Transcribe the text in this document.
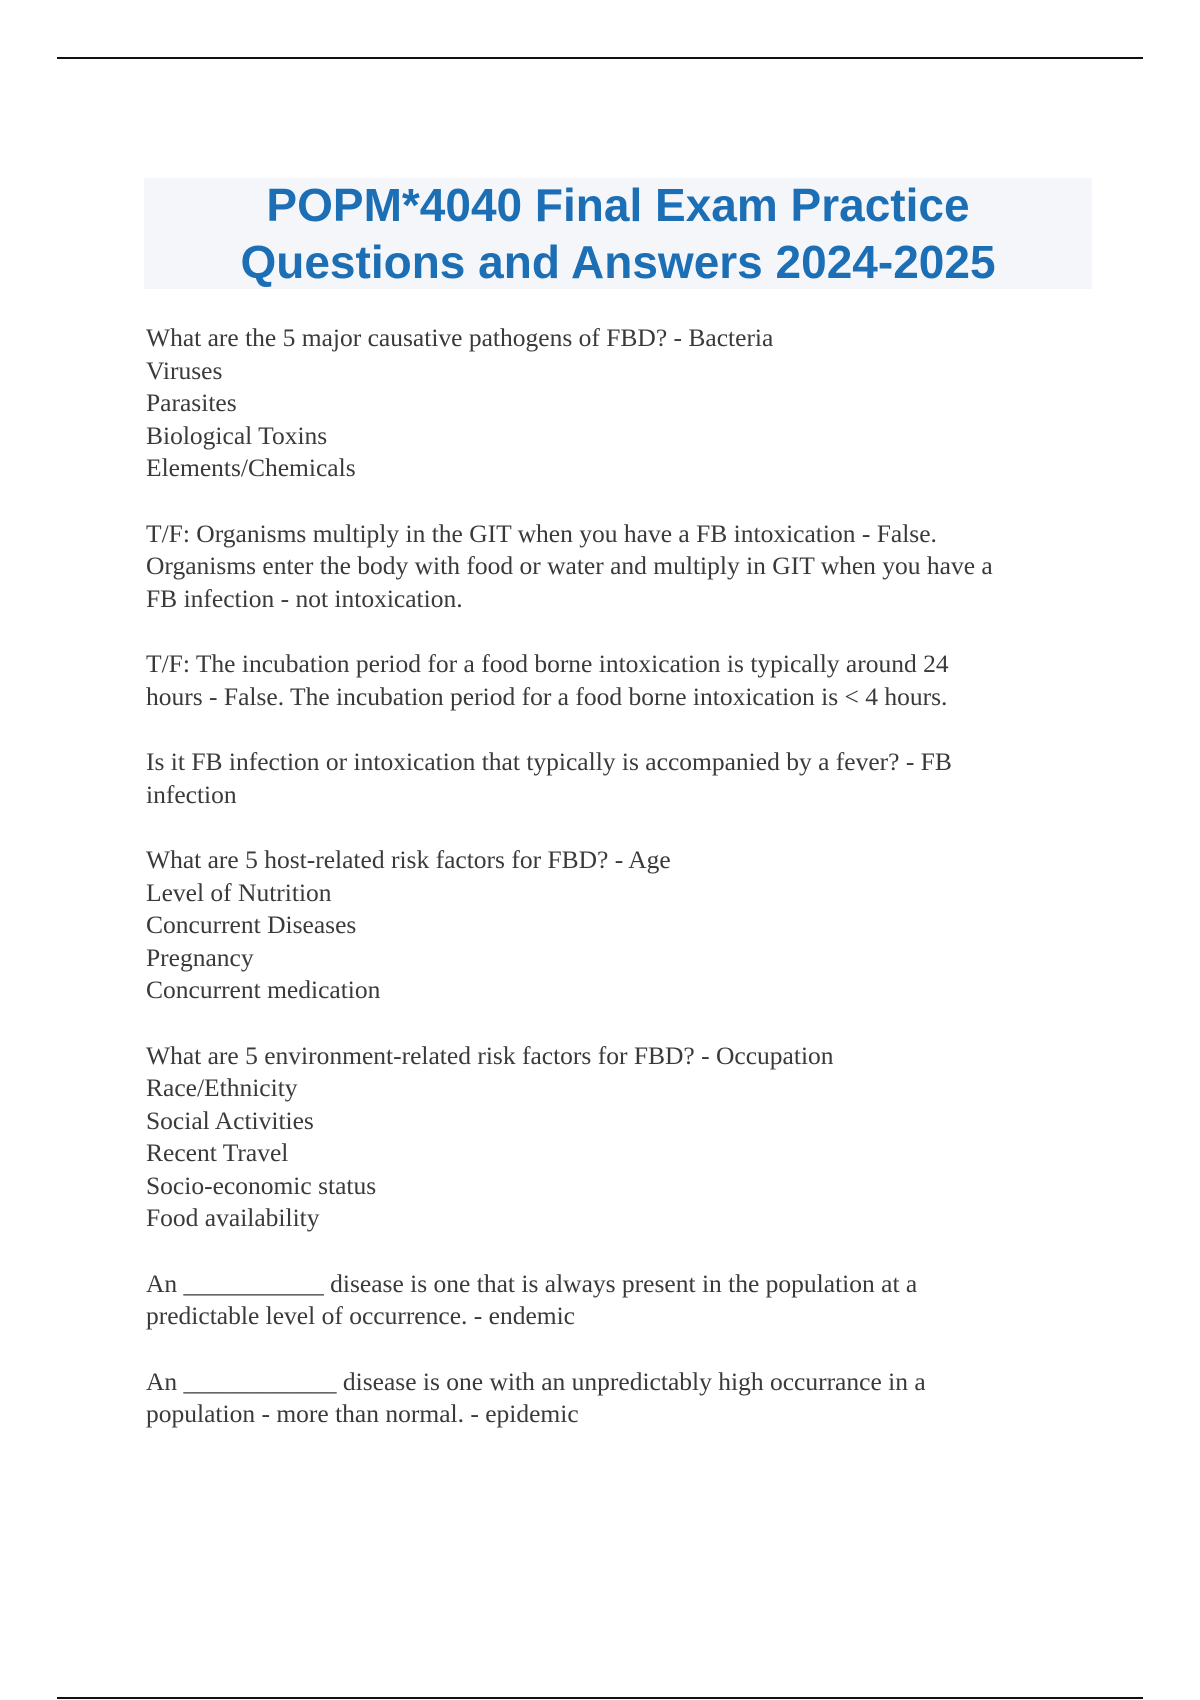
POPM*4040 Final Exam Practice
Questions and Answers 2024-2025
What are the 5 major causative pathogens of FBD? - Bacteria
Viruses
Parasites
Biological Toxins
Elements/Chemicals
T/F: Organisms multiply in the GIT when you have a FB intoxication - False.
Organisms enter the body with food or water and multiply in GIT when you have a
FB infection - not intoxication.
T/F: The incubation period for a food borne intoxication is typically around 24
hours - False. The incubation period for a food borne intoxication is < 4 hours.
Is it FB infection or intoxication that typically is accompanied by a fever? - FB
infection
What are 5 host-related risk factors for FBD? - Age
Level of Nutrition
Concurrent Diseases
Pregnancy
Concurrent medication
What are 5 environment-related risk factors for FBD? - Occupation
Race/Ethnicity
Social Activities
Recent Travel
Socio-economic status
Food availability
An ___________ disease is one that is always present in the population at a
predictable level of occurrence. - endemic
An ____________ disease is one with an unpredictably high occurrance in a
population - more than normal. - epidemic
